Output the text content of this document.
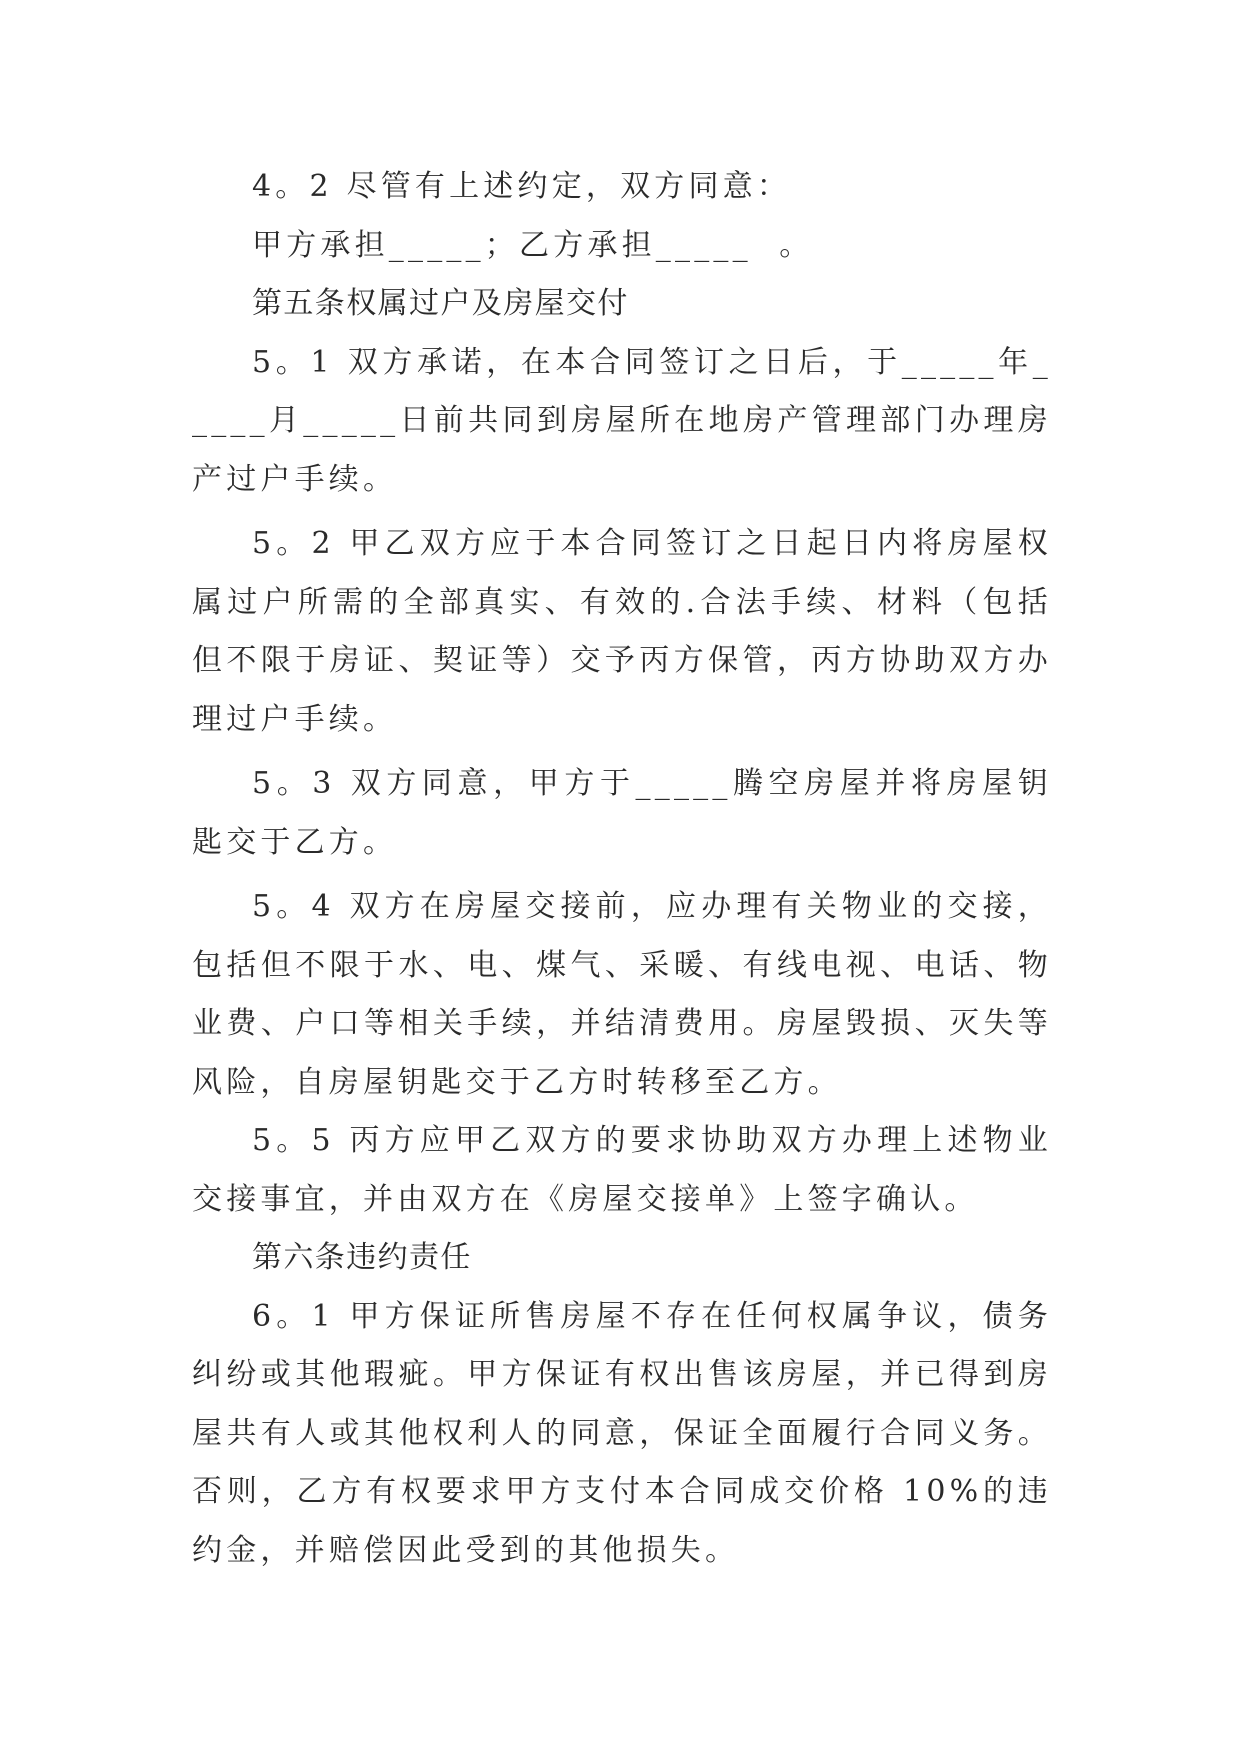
4。2 尽管有上述约定，双方同意：

甲方承担_____；乙方承担_____  。

第五条权属过户及房屋交付

5。1 双方承诺，在本合同签订之日后，于_____年_____月_____日前共同到房屋所在地房产管理部门办理房产过户手续。

5。2 甲乙双方应于本合同签订之日起日内将房屋权属过户所需的全部真实、有效的.合法手续、材料（包括但不限于房证、契证等）交予丙方保管，丙方协助双方办理过户手续。

5。3 双方同意，甲方于_____腾空房屋并将房屋钥匙交于乙方。

5。4 双方在房屋交接前，应办理有关物业的交接，包括但不限于水、电、煤气、采暖、有线电视、电话、物业费、户口等相关手续，并结清费用。房屋毁损、灭失等风险，自房屋钥匙交于乙方时转移至乙方。

5。5 丙方应甲乙双方的要求协助双方办理上述物业交接事宜，并由双方在《房屋交接单》上签字确认。

第六条违约责任

6。1 甲方保证所售房屋不存在任何权属争议，债务纠纷或其他瑕疵。甲方保证有权出售该房屋，并已得到房屋共有人或其他权利人的同意，保证全面履行合同义务。否则，乙方有权要求甲方支付本合同成交价格 10%的违约金，并赔偿因此受到的其他损失。
